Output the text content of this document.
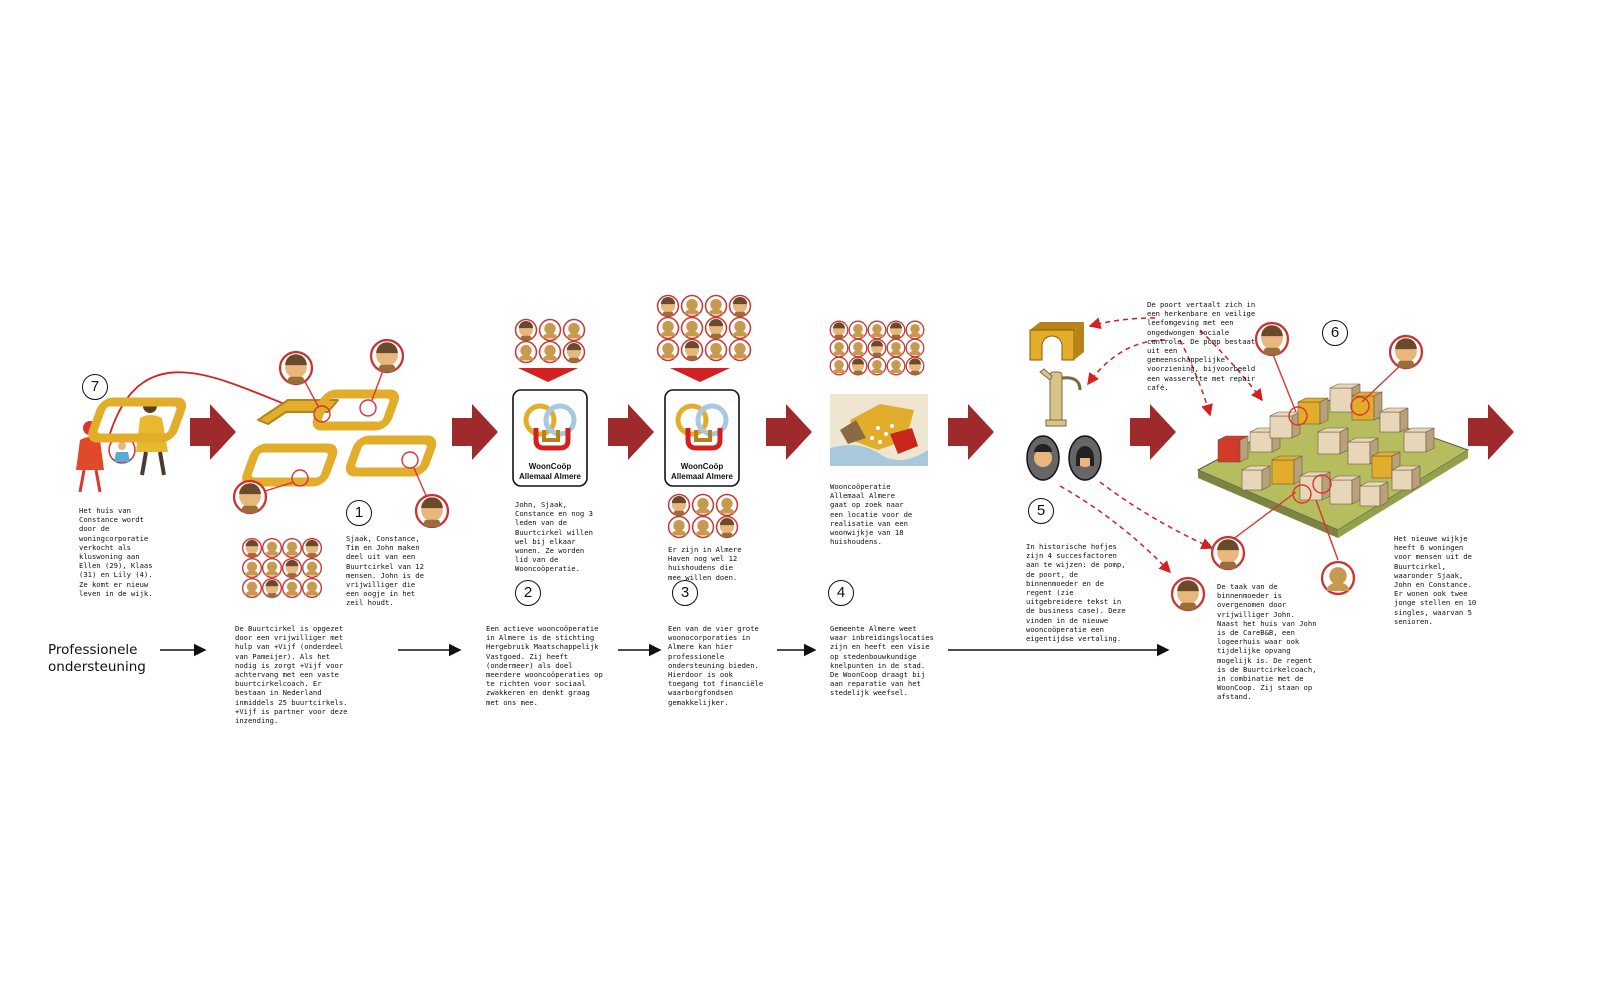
7
1
2	3	4
5
6
WoonCoöp
Allemaal Almere
WoonCoöp
Allemaal Almere
Het huis van Constance wordt door de woningcorporatie verkocht als kluswoning aan Ellen (29), Klaas (31) en Lily (4). Ze komt er nieuw leven in de wijk.
Sjaak, Constance, Tim en John maken deel uit van een Buurtcirkel van 12 mensen. John is de vrijwilliger die een oogje in het zeil houdt.
De Buurtcirkel is opgezet door een vrijwilliger met hulp van +Vijf (onderdeel van Pameijer). Als het nodig is zorgt +Vijf voor achtervang met een vaste buurtcirkelcoach. Er bestaan in Nederland inmiddels 25 buurtcirkels. +Vijf is partner voor deze inzending.
John, Sjaak, Constance en nog 3 leden van de Buurtcirkel willen wel bij elkaar wonen. Ze worden lid van de Wooncoöperatie.
Een actieve wooncoöperatie in Almere is de stichting Hergebruik Maatschappelijk Vastgoed. Zij heeft (ondermeer) als doel meerdere wooncoöperaties op te richten voor sociaal zwakkeren en denkt graag met ons mee.
Er zijn in Almere Haven nog wel 12 huishoudens die mee willen doen.
Een van de vier grote woonocorporaties in Almere kan hier professionele ondersteuning bieden. Hierdoor is ook toegang tot financiële waarborgfondsen gemakkelijker.
Wooncoöperatie Allemaal Almere gaat op zoek naar een locatie voor de realisatie van een woonwijkje van 18 huishoudens.
Gemeente Almere weet waar inbreidingslocaties zijn en heeft een visie op stedenbouwkundige knelpunten in de stad. De WoonCoop draagt bij aan reparatie van het stedelijk weefsel.
In historische hofjes zijn 4 succesfactoren aan te wijzen: de pomp, de poort, de binnenmoeder en de regent (zie uitgebreidere tekst in de business case). Deze vinden in de nieuwe wooncoöperatie een eigentijdse vertaling.
De poort vertaalt zich in een herkenbare en veilige leefomgeving met een ongedwongen sociale controle. De pomp bestaat uit een gemeenschappelijke voorziening, bijvoorbeeld een wasserette met repair café.
De taak van de binnenmoeder is overgenomen door vrijwilliger John. Naast het huis van John is de CareB&B, een logeerhuis waar ook tijdelijke opvang mogelijk is. De regent is de Buurtcirkelcoach, in combinatie met de WoonCoop. Zij staan op afstand.
Het nieuwe wijkje heeft 6 woningen voor mensen uit de Buurtcirkel, waaronder Sjaak, John en Constance. Er wonen ook twee jonge stellen en 10 singles, waarvan 5 senioren.
Professionele ondersteuning
